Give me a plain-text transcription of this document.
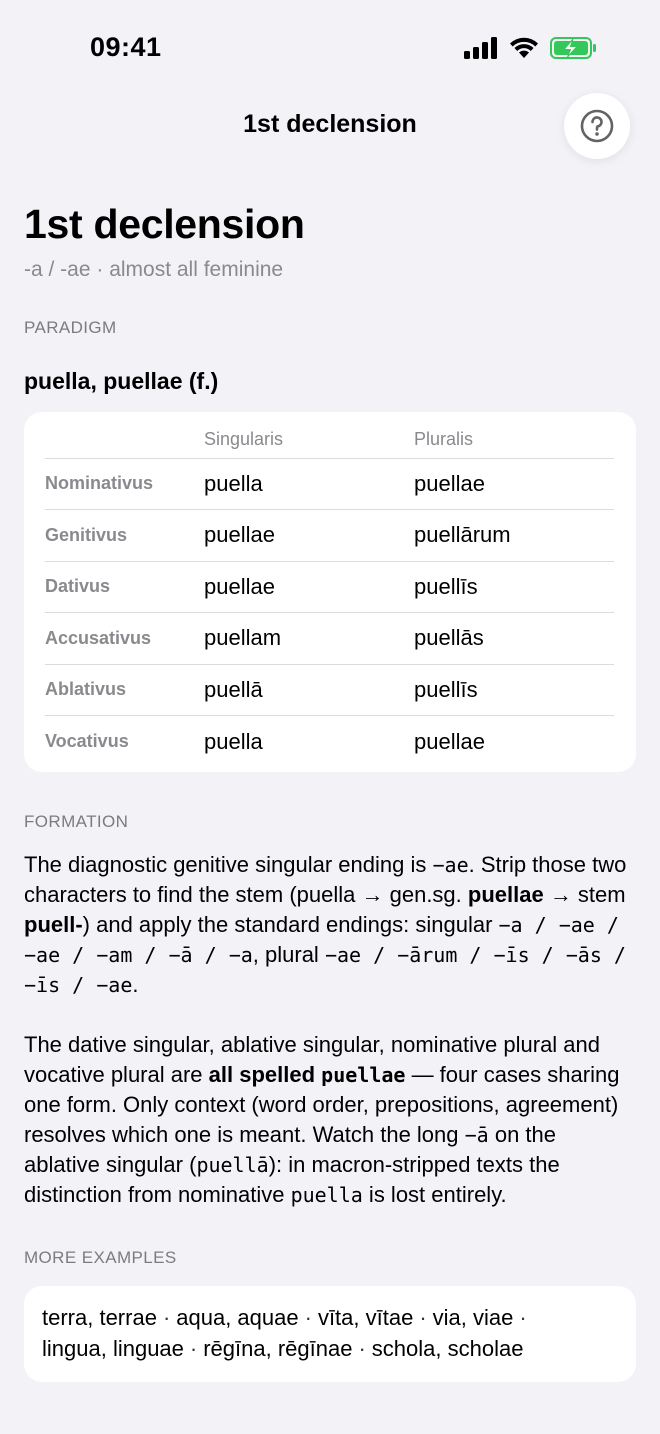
09:41
1st declension
1st declension
-a / -ae · almost all feminine
PARADIGM
puella, puellae (f.)
	Singularis	Pluralis
Nominativus	puella	puellae
Genitivus	puellae	puellārum
Dativus	puellae	puellīs
Accusativus	puellam	puellās
Ablativus	puellā	puellīs
Vocativus	puella	puellae
FORMATION

The diagnostic genitive singular ending is −ae. Strip those two characters to find the stem (puella → gen.sg. puellae → stem puell-) and apply the standard endings: singular −a / −ae / −ae / −am / −ā / −a, plural −ae / −ārum / −īs / −ās / −īs / −ae.

The dative singular, ablative singular, nominative plural and vocative plural are all spelled puellae — four cases sharing one form. Only context (word order, prepositions, agreement) resolves which one is meant. Watch the long −ā on the ablative singular (puellā): in macron-stripped texts the distinction from nominative puella is lost entirely.

MORE EXAMPLES
terra, terrae · aqua, aquae · vīta, vītae · via, viae ·
lingua, linguae · rēgīna, rēgīnae · schola, scholae
